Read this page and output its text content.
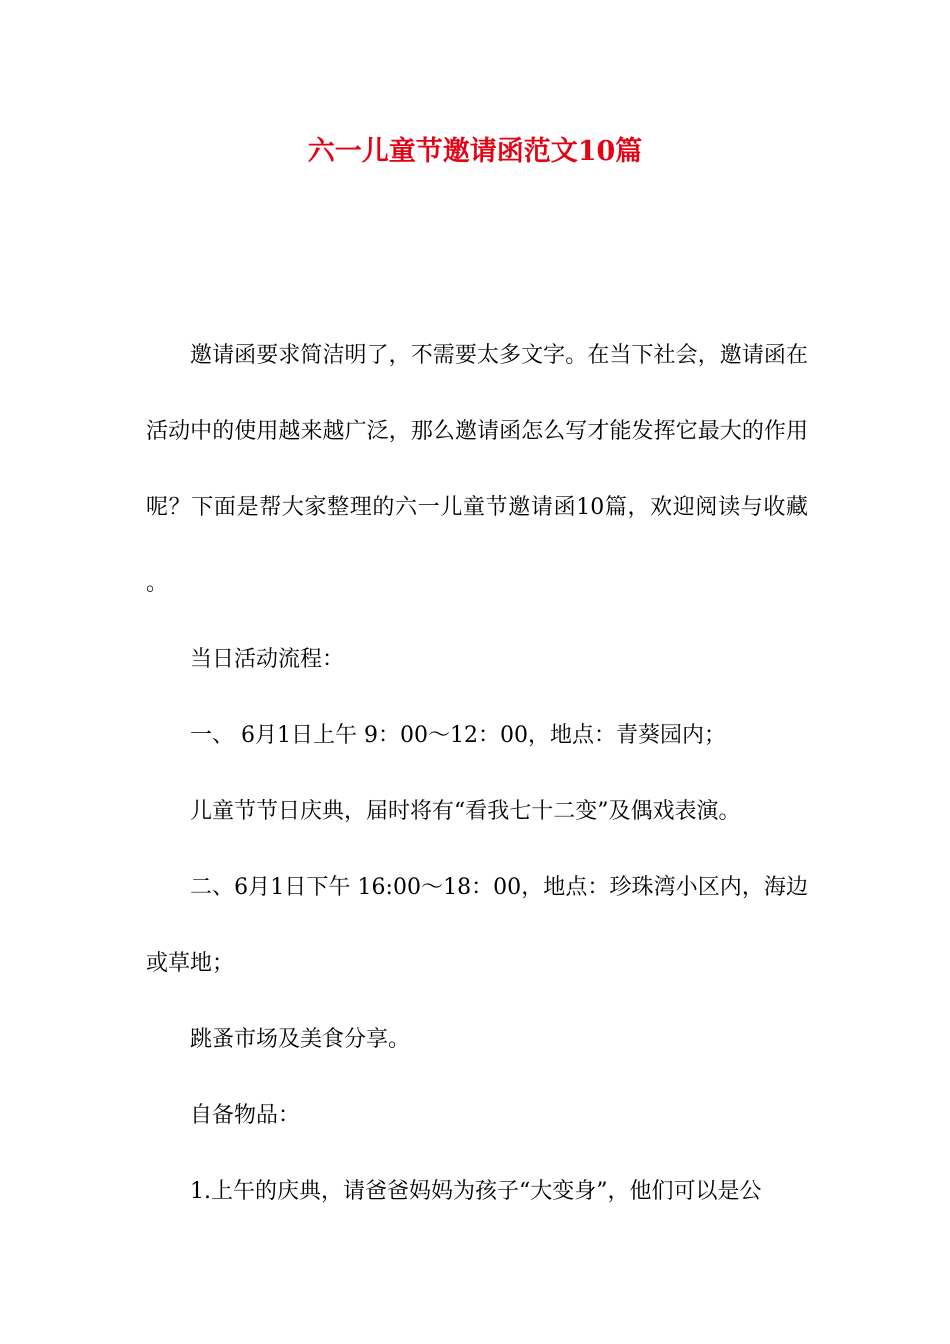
六一儿童节邀请函范文10篇

邀请函要求简洁明了，不需要太多文字。在当下社会，邀请函在活动中的使用越来越广泛，那么邀请函怎么写才能发挥它最大的作用呢？下面是帮大家整理的六一儿童节邀请函10篇，欢迎阅读与收藏。

当日活动流程：

一、 6月1日上午 9：00～12：00，地点：青葵园内；

儿童节节日庆典，届时将有“看我七十二变”及偶戏表演。

二、6月1日下午 16:00～18：00，地点：珍珠湾小区内，海边或草地；

跳蚤市场及美食分享。

自备物品：

1.上午的庆典，请爸爸妈妈为孩子“大变身”，他们可以是公
